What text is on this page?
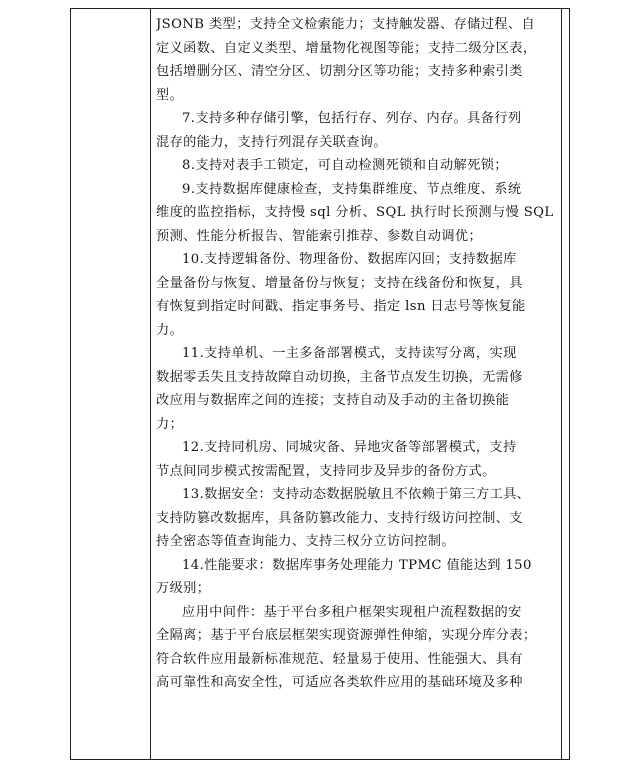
JSONB 类型；支持全文检索能力；支持触发器、存储过程、自
定义函数、自定义类型、增量物化视图等能；支持二级分区表，
包括增删分区、清空分区、切割分区等功能；支持多种索引类
型。
7.支持多种存储引擎，包括行存、列存、内存。具备行列
混存的能力，支持行列混存关联查询。
8.支持对表手工锁定，可自动检测死锁和自动解死锁；
9.支持数据库健康检查，支持集群维度、节点维度、系统
维度的监控指标，支持慢 sql 分析、SQL 执行时长预测与慢 SQL
预测、性能分析报告、智能索引推荐、参数自动调优；
10.支持逻辑备份、物理备份、数据库闪回；支持数据库
全量备份与恢复、增量备份与恢复；支持在线备份和恢复，具
有恢复到指定时间戳、指定事务号、指定 lsn 日志号等恢复能
力。
11.支持单机、一主多备部署模式，支持读写分离，实现
数据零丢失且支持故障自动切换，主备节点发生切换，无需修
改应用与数据库之间的连接；支持自动及手动的主备切换能
力；
12.支持同机房、同城灾备、异地灾备等部署模式，支持
节点间同步模式按需配置，支持同步及异步的备份方式。
13.数据安全：支持动态数据脱敏且不依赖于第三方工具、
支持防篡改数据库，具备防篡改能力、支持行级访问控制、支
持全密态等值查询能力、支持三权分立访问控制。
14.性能要求：数据库事务处理能力 TPMC 值能达到 150
万级别；
应用中间件：基于平台多租户框架实现租户流程数据的安
全隔离；基于平台底层框架实现资源弹性伸缩，实现分库分表；
符合软件应用最新标准规范、轻量易于使用、性能强大、具有
高可靠性和高安全性，可适应各类软件应用的基础环境及多种
